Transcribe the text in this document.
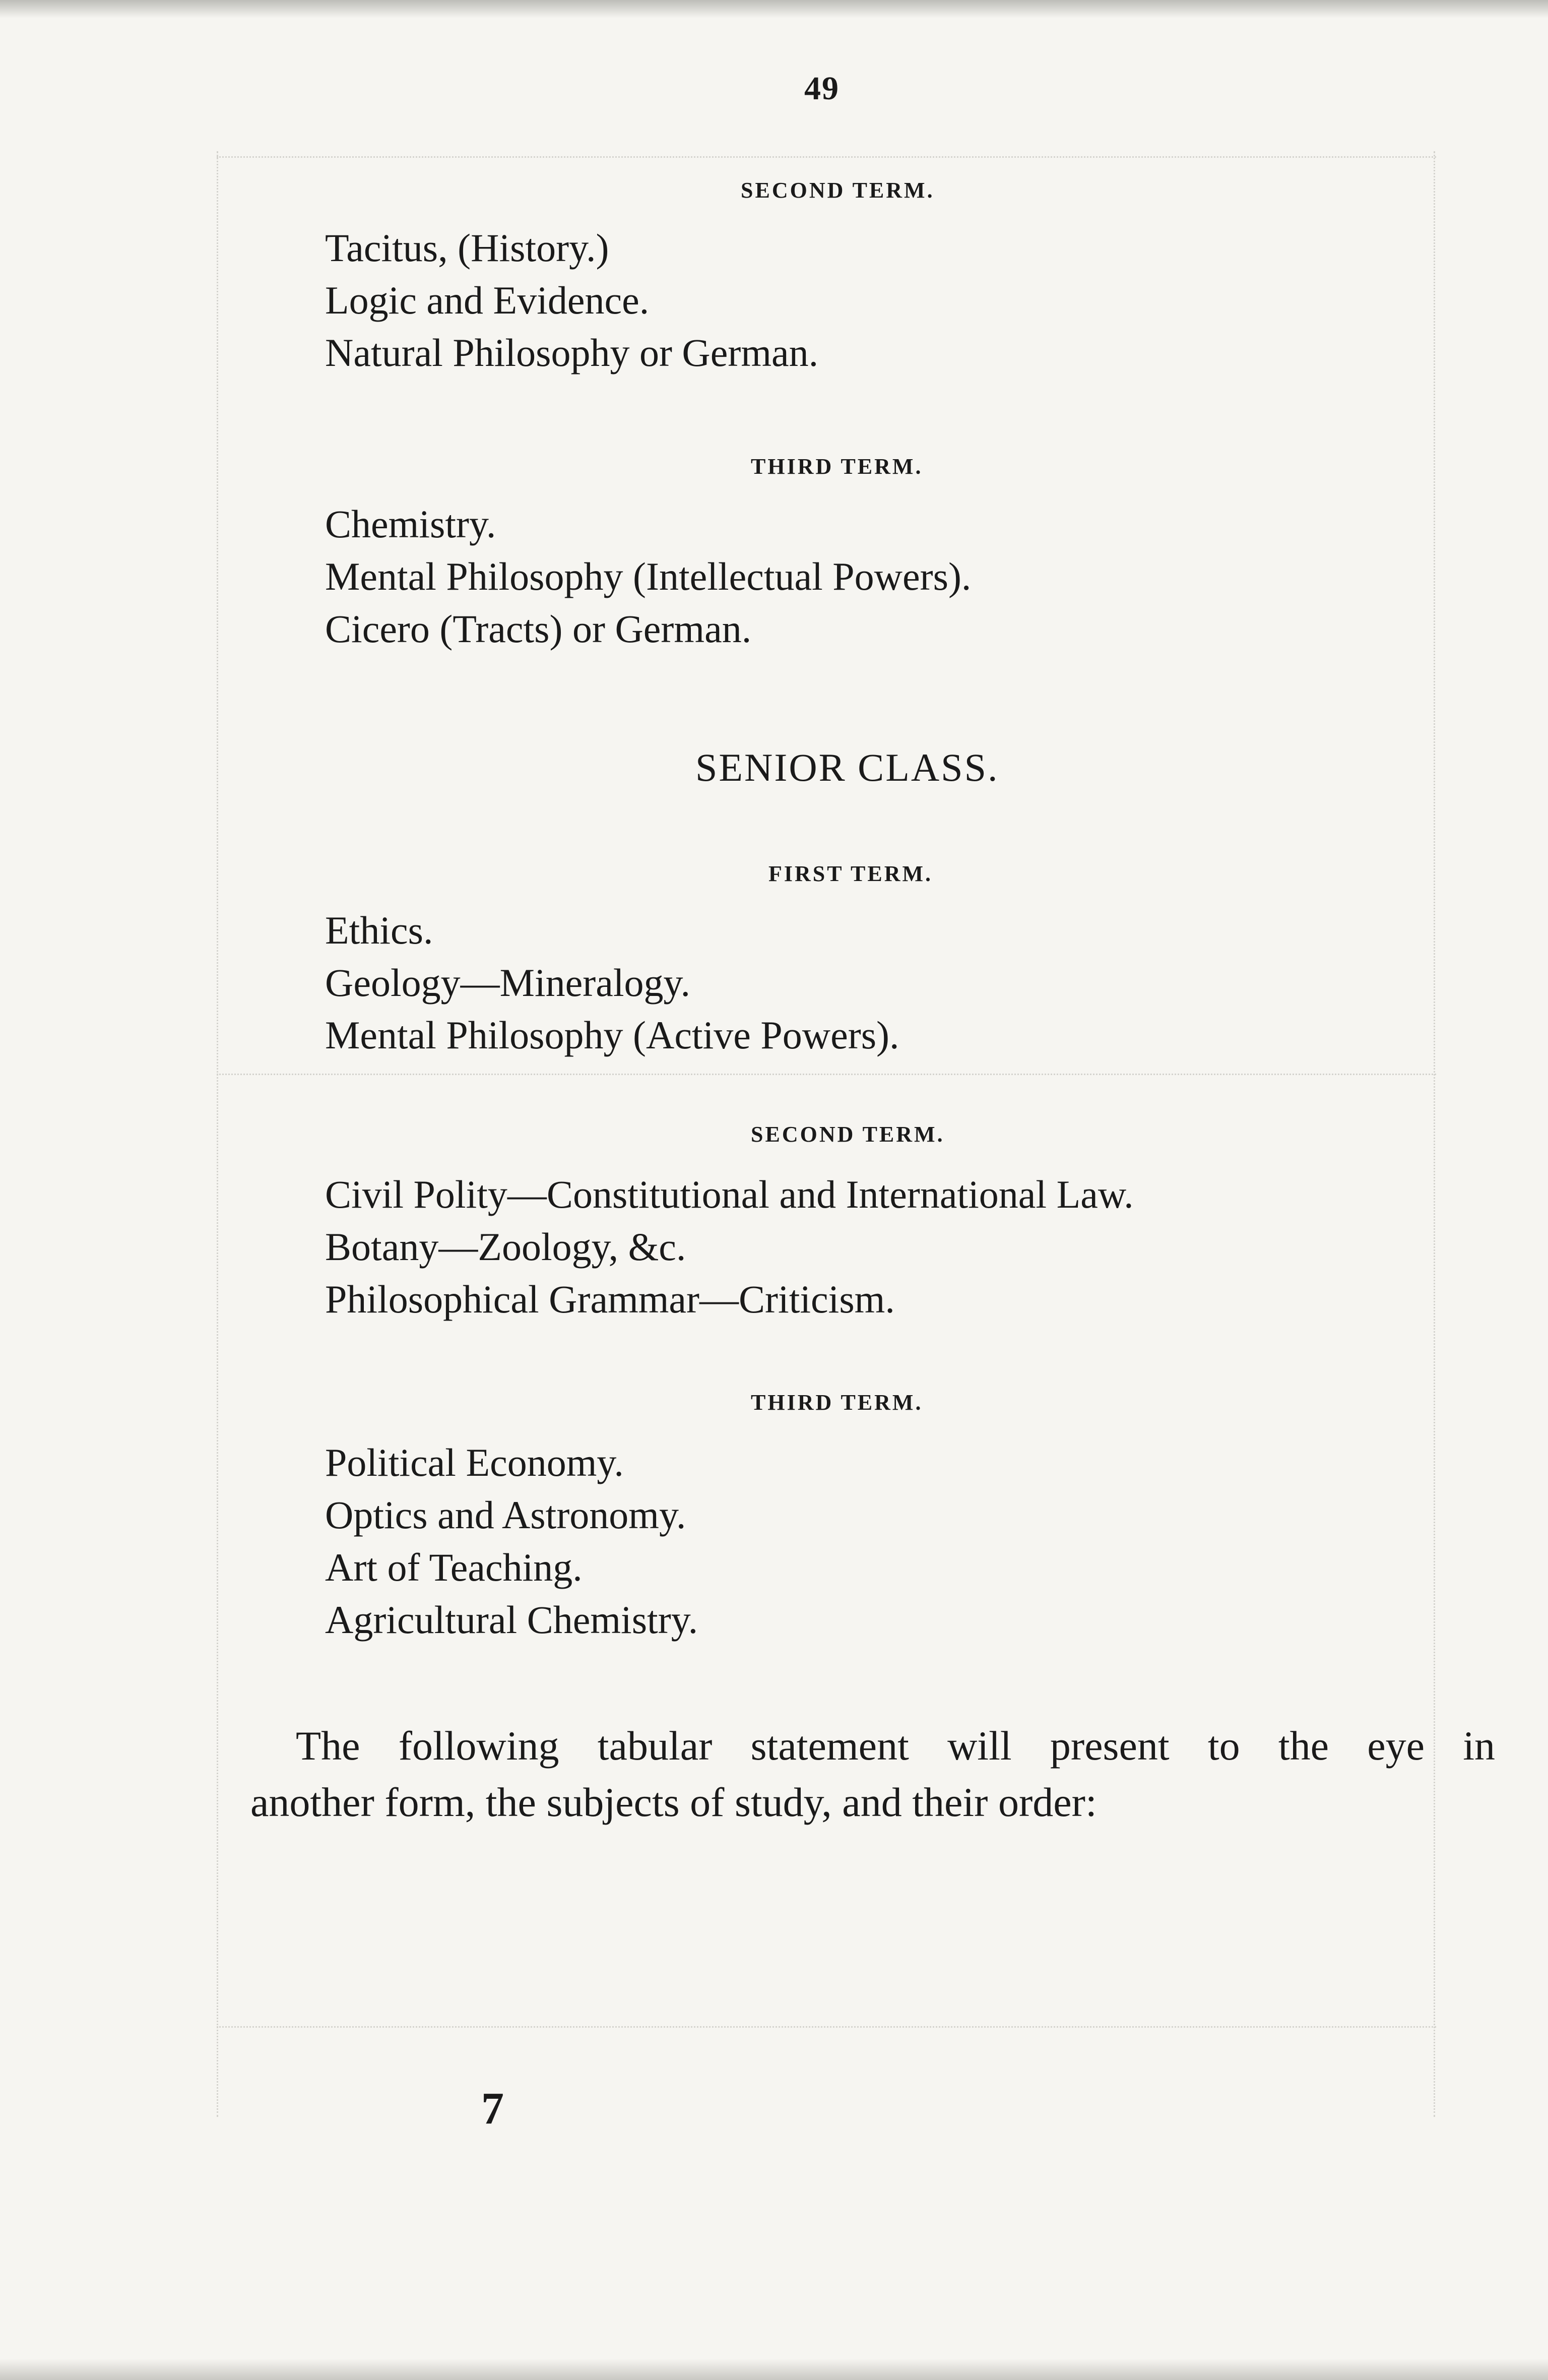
49
SECOND TERM.
Tacitus, (History.)
Logic and Evidence.
Natural Philosophy or German.
THIRD TERM.
Chemistry.
Mental Philosophy (Intellectual Powers).
Cicero (Tracts) or German.
SENIOR CLASS.
FIRST TERM.
Ethics.
Geology—Mineralogy.
Mental Philosophy (Active Powers).
SECOND TERM.
Civil Polity—Constitutional and International Law.
Botany—Zoology, &c.
Philosophical Grammar—Criticism.
THIRD TERM.
Political Economy.
Optics and Astronomy.
Art of Teaching.
Agricultural Chemistry.

The following tabular statement will present to the eye in
another form, the subjects of study, and their order:

7
